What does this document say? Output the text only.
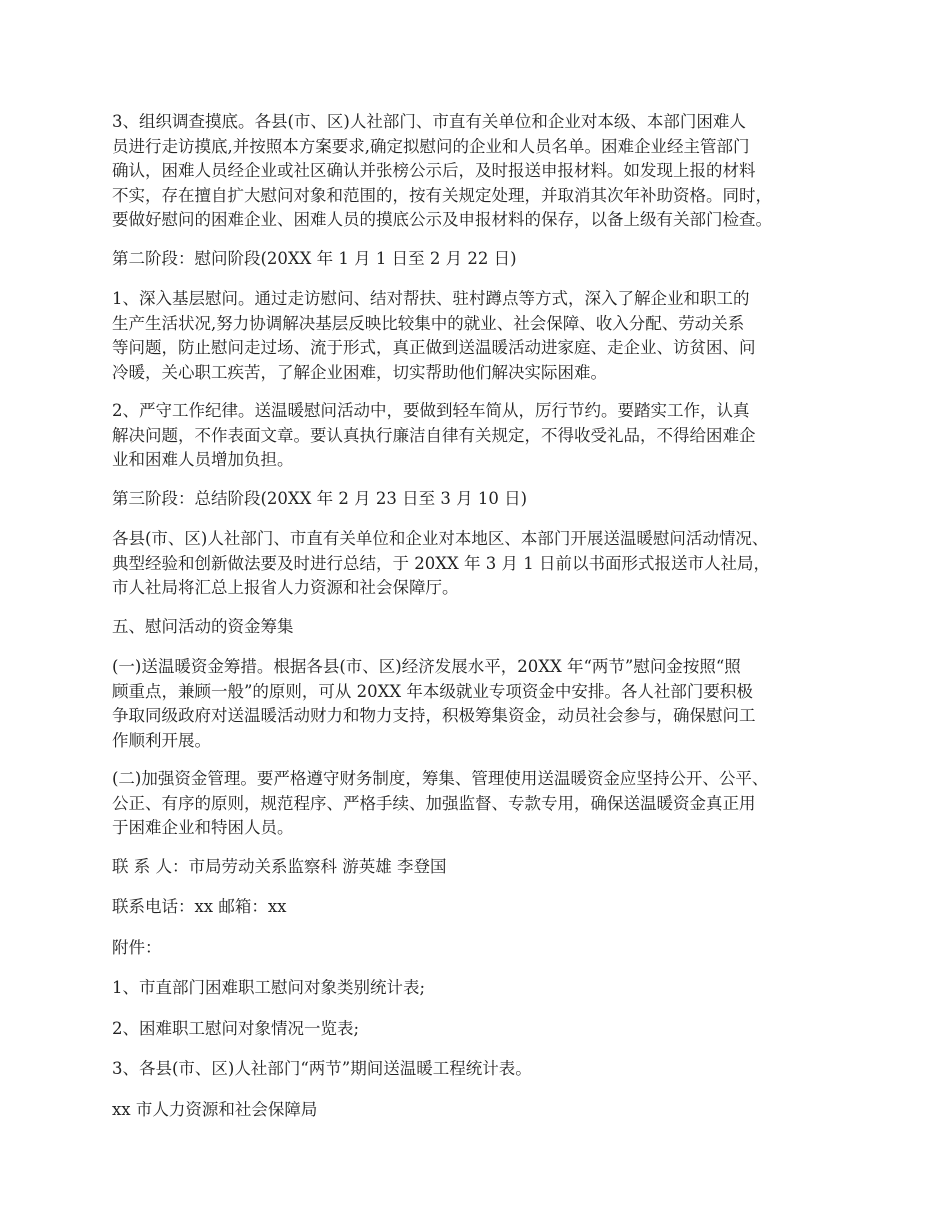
3、组织调查摸底。各县(市、区)人社部门、市直有关单位和企业对本级、本部门困难人
员进行走访摸底,并按照本方案要求,确定拟慰问的企业和人员名单。困难企业经主管部门
确认，困难人员经企业或社区确认并张榜公示后，及时报送申报材料。如发现上报的材料
不实，存在擅自扩大慰问对象和范围的，按有关规定处理，并取消其次年补助资格。同时，
要做好慰问的困难企业、困难人员的摸底公示及申报材料的保存，以备上级有关部门检查。
第二阶段：慰问阶段(20XX 年 1 月 1 日至 2 月 22 日)
1、深入基层慰问。通过走访慰问、结对帮扶、驻村蹲点等方式，深入了解企业和职工的
生产生活状况,努力协调解决基层反映比较集中的就业、社会保障、收入分配、劳动关系
等问题，防止慰问走过场、流于形式，真正做到送温暖活动进家庭、走企业、访贫困、问
冷暖，关心职工疾苦，了解企业困难，切实帮助他们解决实际困难。
2、严守工作纪律。送温暖慰问活动中，要做到轻车简从，厉行节约。要踏实工作，认真
解决问题，不作表面文章。要认真执行廉洁自律有关规定，不得收受礼品，不得给困难企
业和困难人员增加负担。
第三阶段：总结阶段(20XX 年 2 月 23 日至 3 月 10 日)
各县(市、区)人社部门、市直有关单位和企业对本地区、本部门开展送温暖慰问活动情况、
典型经验和创新做法要及时进行总结，于 20XX 年 3 月 1 日前以书面形式报送市人社局，
市人社局将汇总上报省人力资源和社会保障厅。
五、慰问活动的资金筹集
(一)送温暖资金筹措。根据各县(市、区)经济发展水平，20XX 年“两节”慰问金按照“照
顾重点，兼顾一般”的原则，可从 20XX 年本级就业专项资金中安排。各人社部门要积极
争取同级政府对送温暖活动财力和物力支持，积极筹集资金，动员社会参与，确保慰问工
作顺利开展。
(二)加强资金管理。要严格遵守财务制度，筹集、管理使用送温暖资金应坚持公开、公平、
公正、有序的原则，规范程序、严格手续、加强监督、专款专用，确保送温暖资金真正用
于困难企业和特困人员。
联 系 人：市局劳动关系监察科 游英雄 李登国
联系电话：xx 邮箱：xx
附件：
1、市直部门困难职工慰问对象类别统计表;
2、困难职工慰问对象情况一览表;
3、各县(市、区)人社部门“两节”期间送温暖工程统计表。
xx 市人力资源和社会保障局
